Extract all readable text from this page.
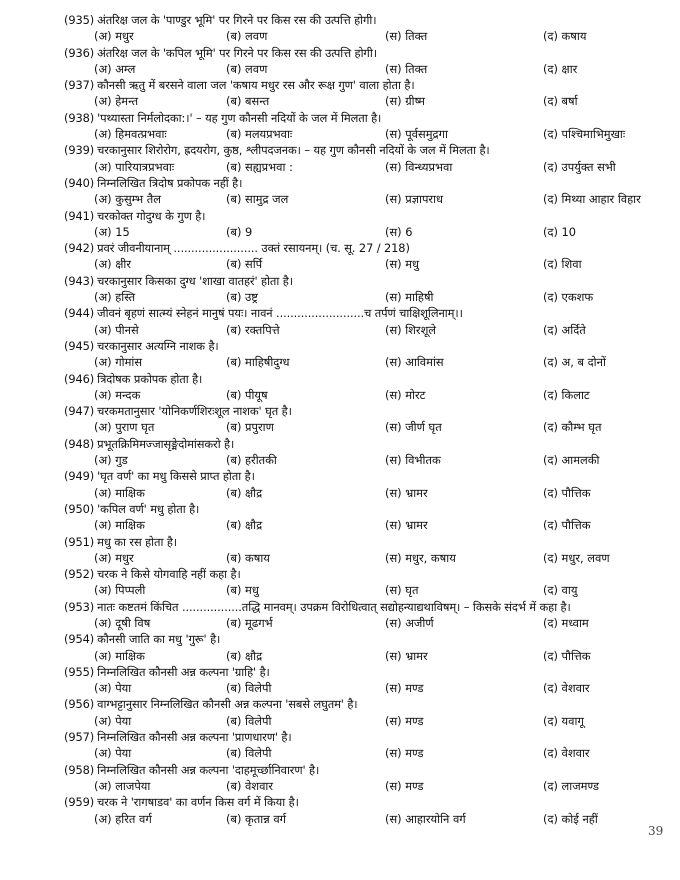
(935) अंतरिक्ष जल के 'पाण्डुर भूमि' पर गिरने पर किस रस की उत्पत्ति होगी।
(अ) मधुर	(ब) लवण	(स) तिक्त	(द) कषाय
(936) अंतरिक्ष जल के 'कपिल भूमि' पर गिरने पर किस रस की उत्पत्ति होगी।
(अ) अम्ल	(ब) लवण	(स) तिक्त	(द) क्षार
(937) कौनसी ऋतु में बरसने वाला जल 'कषाय मधुर रस और रूक्ष गुण' वाला होता है।
(अ) हेमन्त	(ब) बसन्त	(स) ग्रीष्म	(द) बर्षा
(938) 'पथ्यास्ता निर्मलोदका:।' – यह गुण कौनसी नदियों के जल में मिलता है।
(अ) हिमवत्प्रभवाः	(ब) मलयप्रभवाः	(स) पूर्वसमुद्रगा	(द) पश्चिमाभिमुखाः
(939) चरकानुसार शिरोरोग, ह्रदयरोग, कुष्ठ, श्लीपदजनक। – यह गुण कौनसी नदियों के जल में मिलता है।
(अ) पारियात्रप्रभवाः	(ब) सह्यप्रभवा :	(स) विन्ध्यप्रभवा	(द) उपर्युक्त सभी
(940) निम्नलिखित त्रिदोष प्रकोपक नहीं है।
(अ) कुसुम्भ तैल	(ब) सामुद्र जल	(स) प्रज्ञापराध	(द) मिथ्या आहार विहार
(941) चरकोक्त गोदुग्ध के गुण है।
(अ) 15	(ब) 9	(स) 6	(द) 10
(942) प्रवरं जीवनीयानाम् ........................ उक्तं रसायनम्। (च. सू. 27 / 218)
(अ) क्षीर	(ब) सर्पि	(स) मधु	(द) शिवा
(943) चरकानुसार किसका दुग्ध 'शाखा वातहरं' होता है।
(अ) हस्ति	(ब) उष्ट्र	(स) माहिषी	(द) एकशफ
(944) जीवनं बृहणं सात्म्यं स्नेहनं मानुषं पयः। नावनं .........................च तर्पणं चाक्षिशूलिनाम्।।
(अ) पीनसे	(ब) रक्तपित्ते	(स) शिरशूले	(द) अर्दिते
(945) चरकानुसार अत्यग्नि नाशक है।
(अ) गोमांस	(ब) माहिषीदुग्ध	(स) आविमांस	(द) अ, ब दोनों
(946) त्रिदोषक प्रकोपक होता है।
(अ) मन्दक	(ब) पीयूष	(स) मोरट	(द) किलाट
(947) चरकमतानुसार 'योनिकर्णशिरःशूल नाशक' घृत है।
(अ) पुराण घृत	(ब) प्रपुराण	(स) जीर्ण घृत	(द) कौम्भ घृत
(948) प्रभूतक्रिमिमज्जासृङ्मेदोमांसकरो है।
(अ) गुड	(ब) हरीतकी	(स) विभीतक	(द) आमलकी
(949) 'घृत वर्ण' का मधु किससे प्राप्त होता है।
(अ) माक्षिक	(ब) क्षौद्र	(स) भ्रामर	(द) पौत्तिक
(950) 'कपिल वर्ण' मधु होता है।
(अ) माक्षिक	(ब) क्षौद्र	(स) भ्रामर	(द) पौत्तिक
(951) मधु का रस होता है।
(अ) मधुर	(ब) कषाय	(स) मधुर, कषाय	(द) मधुर, लवण
(952) चरक ने किसे योगवाहि नहीं कहा है।
(अ) पिप्पली	(ब) मधु	(स) घृत	(द) वायु
(953) नातः कष्टतमं किंचित .................तद्धि मानवम्। उपक्रम विरोधित्वात् सद्योहन्याद्यथाविषम्। – किसके संदर्भ में कहा है।
(अ) दूषी विष	(ब) मूढगर्भ	(स) अजीर्ण	(द) मध्वाम
(954) कौनसी जाति का मधु 'गुरू' है।
(अ) माक्षिक	(ब) क्षौद्र	(स) भ्रामर	(द) पौत्तिक
(955) निम्नलिखित कौनसी अन्न कल्पना 'ग्राहि' है।
(अ) पेया	(ब) विलेपी	(स) मण्ड	(द) वेशवार
(956) वाग्भट्टानुसार निम्नलिखित कौनसी अन्न कल्पना 'सबसे लघुतम' है।
(अ) पेया	(ब) विलेपी	(स) मण्ड	(द) यवागू
(957) निम्नलिखित कौनसी अन्न कल्पना 'प्राणधारण' है।
(अ) पेया	(ब) विलेपी	(स) मण्ड	(द) वेशवार
(958) निम्नलिखित कौनसी अन्न कल्पना 'दाहमूर्च्छानिवारण' है।
(अ) लाजपेया	(ब) वेशवार	(स) मण्ड	(द) लाजमण्ड
(959) चरक ने 'रागषाडव' का वर्णन किस वर्ग में किया है।
(अ) हरित वर्ग	(ब) कृतान्न वर्ग	(स) आहारयोनि वर्ग	(द) कोई नहीं
39
